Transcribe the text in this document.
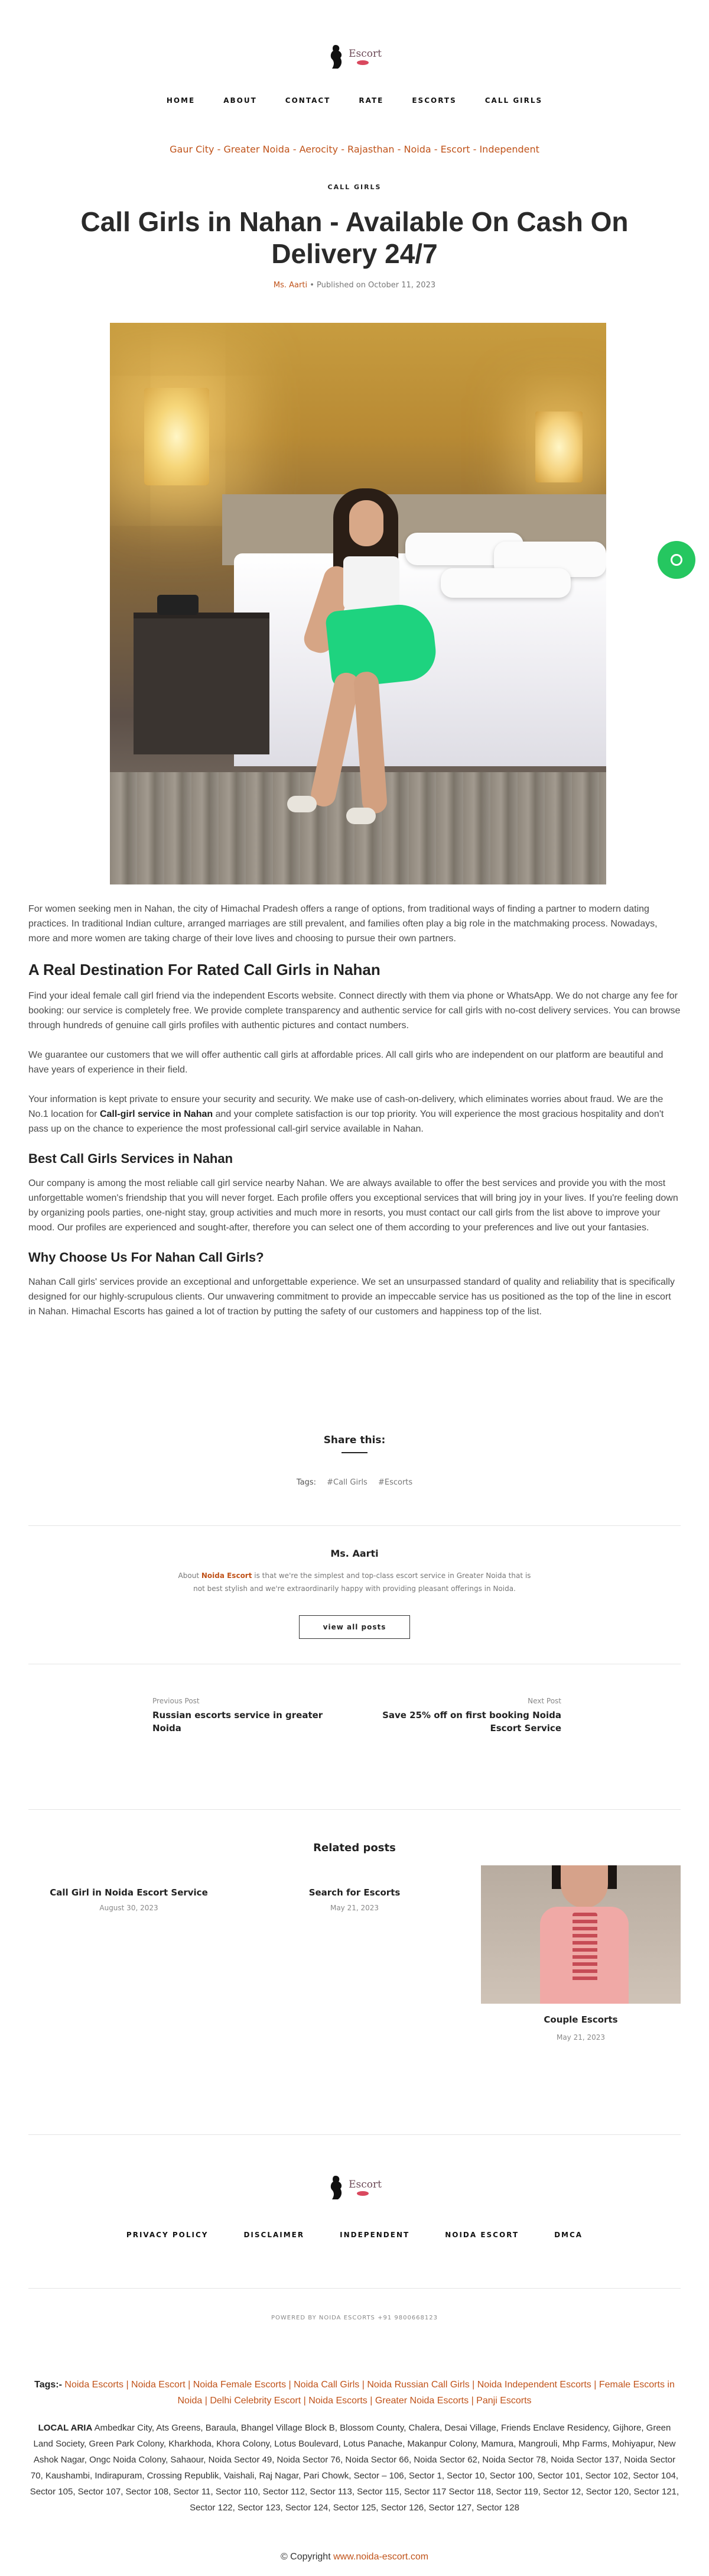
Escort
HOME	ABOUT	CONTACT	RATE	ESCORTS	CALL GIRLS
Gaur City - Greater Noida - Aerocity - Rajasthan - Noida - Escort - Independent
CALL GIRLS
Call Girls in Nahan - Available On Cash On Delivery 24/7
Ms. Aarti • Published on October 11, 2023

For women seeking men in Nahan, the city of Himachal Pradesh offers a range of options, from traditional ways of finding a partner to modern dating practices. In traditional Indian culture, arranged marriages are still prevalent, and families often play a big role in the matchmaking process. Nowadays, more and more women are taking charge of their love lives and choosing to pursue their own partners.

A Real Destination For Rated Call Girls in Nahan

Find your ideal female call girl friend via the independent Escorts website. Connect directly with them via phone or WhatsApp. We do not charge any fee for booking: our service is completely free. We provide complete transparency and authentic service for call girls with no-cost delivery services. You can browse through hundreds of genuine call girls profiles with authentic pictures and contact numbers.

We guarantee our customers that we will offer authentic call girls at affordable prices. All call girls who are independent on our platform are beautiful and have years of experience in their field.

Your information is kept private to ensure your security and security. We make use of cash-on-delivery, which eliminates worries about fraud. We are the No.1 location for Call-girl service in Nahan and your complete satisfaction is our top priority. You will experience the most gracious hospitality and don't pass up on the chance to experience the most professional call-girl service available in Nahan.

Best Call Girls Services in Nahan

Our company is among the most reliable call girl service nearby Nahan. We are always available to offer the best services and provide you with the most unforgettable women's friendship that you will never forget. Each profile offers you exceptional services that will bring joy in your lives. If you're feeling down by organizing pools parties, one-night stay, group activities and much more in resorts, you must contact our call girls from the list above to improve your mood. Our profiles are experienced and sought-after, therefore you can select one of them according to your preferences and live out your fantasies.

Why Choose Us For Nahan Call Girls?

Nahan Call girls' services provide an exceptional and unforgettable experience. We set an unsurpassed standard of quality and reliability that is specifically designed for our highly-scrupulous clients. Our unwavering commitment to provide an impeccable service has us positioned as the top of the line in escort in Nahan. Himachal Escorts has gained a lot of traction by putting the safety of our customers and happiness top of the list.

Share this:
Tags: #Call Girls #Escorts
Ms. Aarti
About Noida Escort is that we're the simplest and top-class escort service in Greater Noida that is not best stylish and we're extraordinarily happy with providing pleasant offerings in Noida.
view all posts
Previous Post
Russian escorts service in greater Noida
Next Post
Save 25% off on first booking Noida Escort Service
Related posts
Call Girl in Noida Escort Service
August 30, 2023
Search for Escorts
May 21, 2023
Couple Escorts
May 21, 2023
Escort
PRIVACY POLICY	DISCLAIMER	INDEPENDENT	NOIDA ESCORT	DMCA
POWERED BY NOIDA ESCORTS +91 9800668123
Tags:- Noida Escorts | Noida Escort | Noida Female Escorts | Noida Call Girls | Noida Russian Call Girls | Noida Independent Escorts | Female Escorts in Noida | Delhi Celebrity Escort | Noida Escorts | Greater Noida Escorts | Panji Escorts
LOCAL ARIA Ambedkar City, Ats Greens, Baraula, Bhangel Village Block B, Blossom County, Chalera, Desai Village, Friends Enclave Residency, Gijhore, Green Land Society, Green Park Colony, Kharkhoda, Khora Colony, Lotus Boulevard, Lotus Panache, Makanpur Colony, Mamura, Mangrouli, Mhp Farms, Mohiyapur, New Ashok Nagar, Ongc Noida Colony, Sahaour, Noida Sector 49, Noida Sector 76, Noida Sector 66, Noida Sector 62, Noida Sector 78, Noida Sector 137, Noida Sector 70, Kaushambi, Indirapuram, Crossing Republik, Vaishali, Raj Nagar, Pari Chowk, Sector – 106, Sector 1, Sector 10, Sector 100, Sector 101, Sector 102, Sector 104, Sector 105, Sector 107, Sector 108, Sector 11, Sector 110, Sector 112, Sector 113, Sector 115, Sector 117 Sector 118, Sector 119, Sector 12, Sector 120, Sector 121, Sector 122, Sector 123, Sector 124, Sector 125, Sector 126, Sector 127, Sector 128
© Copyright www.noida-escort.com
